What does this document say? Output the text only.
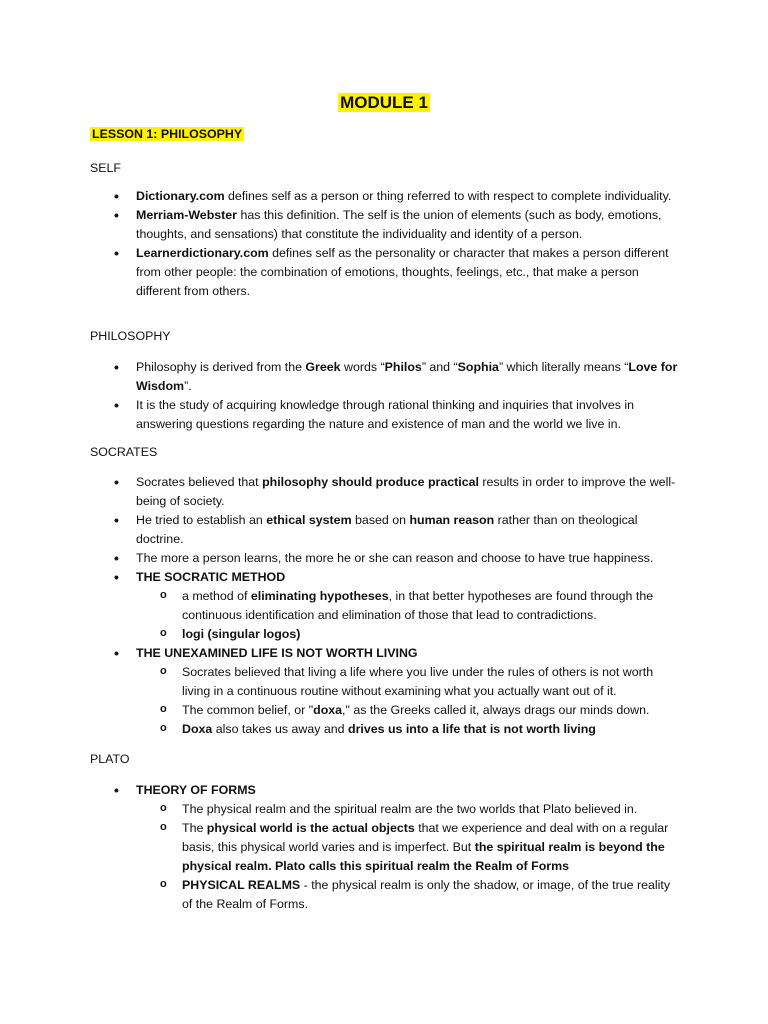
MODULE 1
LESSON 1: PHILOSOPHY
SELF
• Dictionary.com defines self as a person or thing referred to with respect to complete individuality.
• Merriam-Webster has this definition. The self is the union of elements (such as body, emotions, thoughts, and sensations) that constitute the individuality and identity of a person.
• Learnerdictionary.com defines self as the personality or character that makes a person different from other people: the combination of emotions, thoughts, feelings, etc., that make a person different from others.
PHILOSOPHY
• Philosophy is derived from the Greek words “Philos” and “Sophia” which literally means “Love for Wisdom”.
• It is the study of acquiring knowledge through rational thinking and inquiries that involves in answering questions regarding the nature and existence of man and the world we live in.
SOCRATES
• Socrates believed that philosophy should produce practical results in order to improve the well-being of society.
• He tried to establish an ethical system based on human reason rather than on theological doctrine.
• The more a person learns, the more he or she can reason and choose to have true happiness.
• THE SOCRATIC METHOD
o a method of eliminating hypotheses, in that better hypotheses are found through the continuous identification and elimination of those that lead to contradictions.
o logi (singular logos)
• THE UNEXAMINED LIFE IS NOT WORTH LIVING
o Socrates believed that living a life where you live under the rules of others is not worth living in a continuous routine without examining what you actually want out of it.
o The common belief, or "doxa," as the Greeks called it, always drags our minds down.
o Doxa also takes us away and drives us into a life that is not worth living
PLATO
• THEORY OF FORMS
o The physical realm and the spiritual realm are the two worlds that Plato believed in.
o The physical world is the actual objects that we experience and deal with on a regular basis, this physical world varies and is imperfect. But the spiritual realm is beyond the physical realm. Plato calls this spiritual realm the Realm of Forms
o PHYSICAL REALMS - the physical realm is only the shadow, or image, of the true reality of the Realm of Forms.
